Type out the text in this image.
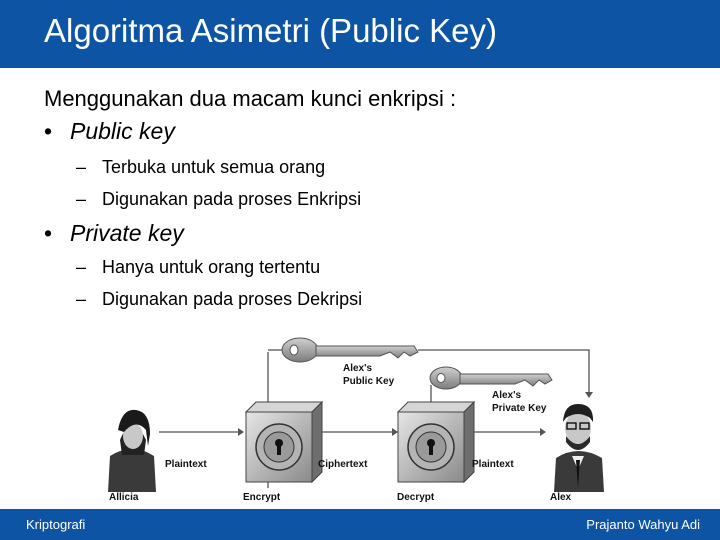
Algoritma Asimetri (Public Key)
Menggunakan dua macam kunci enkripsi :
• Public key
– Terbuka untuk semua orang
– Digunakan pada proses Enkripsi
• Private key
– Hanya untuk orang tertentu
– Digunakan pada proses Dekripsi
Alex's
Public Key
Alex's
Private Key
Plaintext	Ciphertext	Plaintext
Allicia	Encrypt	Decrypt	Alex
Kriptografi	Prajanto Wahyu Adi
